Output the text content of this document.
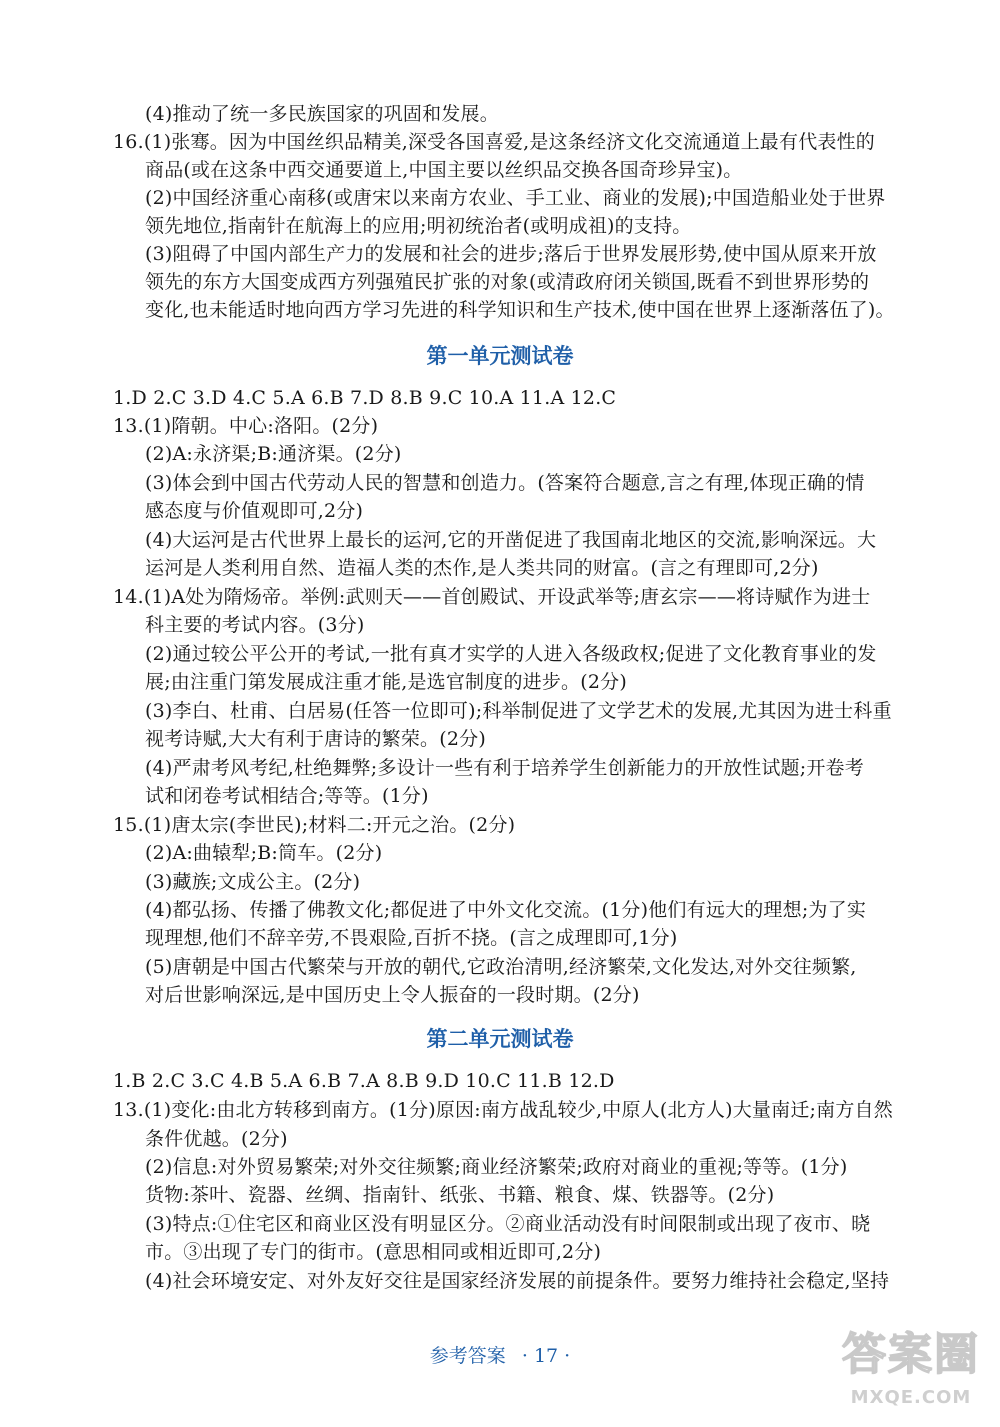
(4)推动了统一多民族国家的巩固和发展。
16.(1)张骞。因为中国丝织品精美,深受各国喜爱,是这条经济文化交流通道上最有代表性的
商品(或在这条中西交通要道上,中国主要以丝织品交换各国奇珍异宝)。
(2)中国经济重心南移(或唐宋以来南方农业、手工业、商业的发展);中国造船业处于世界
领先地位,指南针在航海上的应用;明初统治者(或明成祖)的支持。
(3)阻碍了中国内部生产力的发展和社会的进步;落后于世界发展形势,使中国从原来开放
领先的东方大国变成西方列强殖民扩张的对象(或清政府闭关锁国,既看不到世界形势的
变化,也未能适时地向西方学习先进的科学知识和生产技术,使中国在世界上逐渐落伍了)。
第一单元测试卷
1.D 2.C 3.D 4.C 5.A 6.B 7.D 8.B 9.C 10.A 11.A 12.C
13.(1)隋朝。中心:洛阳。(2分)
(2)A:永济渠;B:通济渠。(2分)
(3)体会到中国古代劳动人民的智慧和创造力。(答案符合题意,言之有理,体现正确的情
感态度与价值观即可,2分)
(4)大运河是古代世界上最长的运河,它的开凿促进了我国南北地区的交流,影响深远。大
运河是人类利用自然、造福人类的杰作,是人类共同的财富。(言之有理即可,2分)
14.(1)A处为隋炀帝。举例:武则天——首创殿试、开设武举等;唐玄宗——将诗赋作为进士
科主要的考试内容。(3分)
(2)通过较公平公开的考试,一批有真才实学的人进入各级政权;促进了文化教育事业的发
展;由注重门第发展成注重才能,是选官制度的进步。(2分)
(3)李白、杜甫、白居易(任答一位即可);科举制促进了文学艺术的发展,尤其因为进士科重
视考诗赋,大大有利于唐诗的繁荣。(2分)
(4)严肃考风考纪,杜绝舞弊;多设计一些有利于培养学生创新能力的开放性试题;开卷考
试和闭卷考试相结合;等等。(1分)
15.(1)唐太宗(李世民);材料二:开元之治。(2分)
(2)A:曲辕犁;B:筒车。(2分)
(3)藏族;文成公主。(2分)
(4)都弘扬、传播了佛教文化;都促进了中外文化交流。(1分)他们有远大的理想;为了实
现理想,他们不辞辛劳,不畏艰险,百折不挠。(言之成理即可,1分)
(5)唐朝是中国古代繁荣与开放的朝代,它政治清明,经济繁荣,文化发达,对外交往频繁,
对后世影响深远,是中国历史上令人振奋的一段时期。(2分)
第二单元测试卷
1.B 2.C 3.C 4.B 5.A 6.B 7.A 8.B 9.D 10.C 11.B 12.D
13.(1)变化:由北方转移到南方。(1分)原因:南方战乱较少,中原人(北方人)大量南迁;南方自然
条件优越。(2分)
(2)信息:对外贸易繁荣;对外交往频繁;商业经济繁荣;政府对商业的重视;等等。(1分)
货物:茶叶、瓷器、丝绸、指南针、纸张、书籍、粮食、煤、铁器等。(2分)
(3)特点:①住宅区和商业区没有明显区分。②商业活动没有时间限制或出现了夜市、晓
市。③出现了专门的街市。(意思相同或相近即可,2分)
(4)社会环境安定、对外友好交往是国家经济发展的前提条件。要努力维持社会稳定,坚持
参考答案 · 17 ·	答案圈
MXQE.COM
